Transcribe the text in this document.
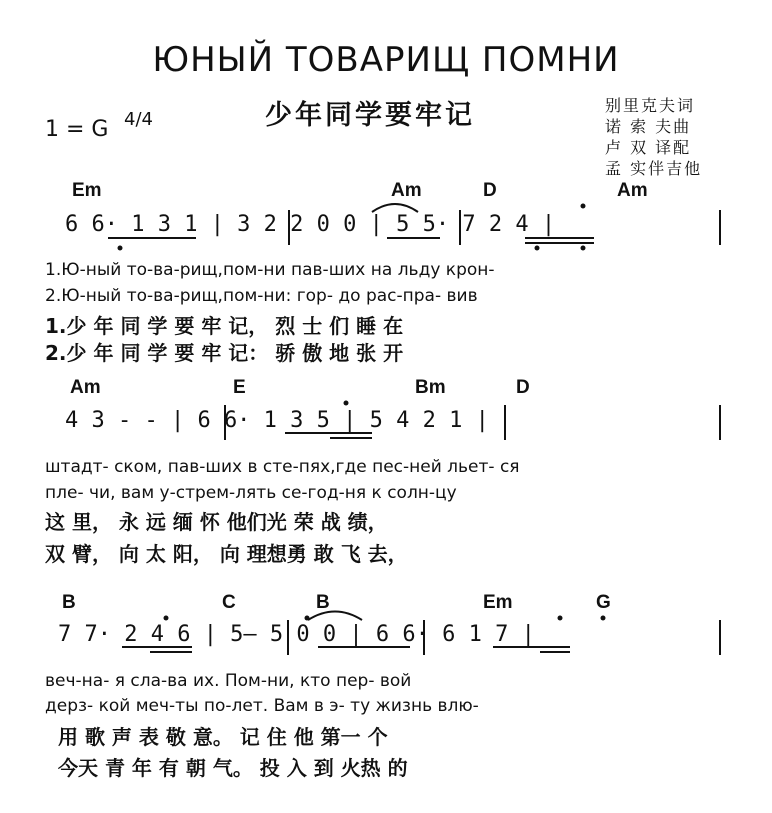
ЮНЫЙ ТОВАРИЩ ПОМНИ
少年同学要牢记
1 = G 4/4
别里克夫词
诺 索 夫曲
卢 双 译配
孟 实伴吉他
Em	Am	D	Am
6 6· 1 3 1 | 3 2 2 0 0 | 5 5· 7 2 4 |
1.Ю-ный то-ва-рищ,пом-ни пав-ших на льду крон-
2.Ю-ный то-ва-рищ,пом-ни: гор- до рас-пра- вив
1.少 年 同 学 要 牢 记， 烈 士 们 睡 在
2.少 年 同 学 要 牢 记： 骄 傲 地 张 开
Am	E	Bm	D
4 3 - - | 6 6· 1 3 5 | 5 4 2 1 |
штадт- ском, пав-ших в сте-пях,где пес-ней льет- ся
пле- чи, вам у-стрем-лять се-год-ня к солн-цу
这 里， 永 远 缅 怀 他们光 荣 战 绩，
双 臂， 向 太 阳， 向 理想勇 敢 飞 去，
B	C	B	Em	G
7 7· 2 4 6 | 5— 5 0 0 | 6 6· 6 1 7 |
веч-на- я сла-ва их. Пом-ни, кто пер- вой
дерз- кой меч-ты по-лет. Вам в э- ту жизнь влю-
用 歌 声 表 敬 意。 记 住 他 第一 个
今天 青 年 有 朝 气。 投 入 到 火热 的
